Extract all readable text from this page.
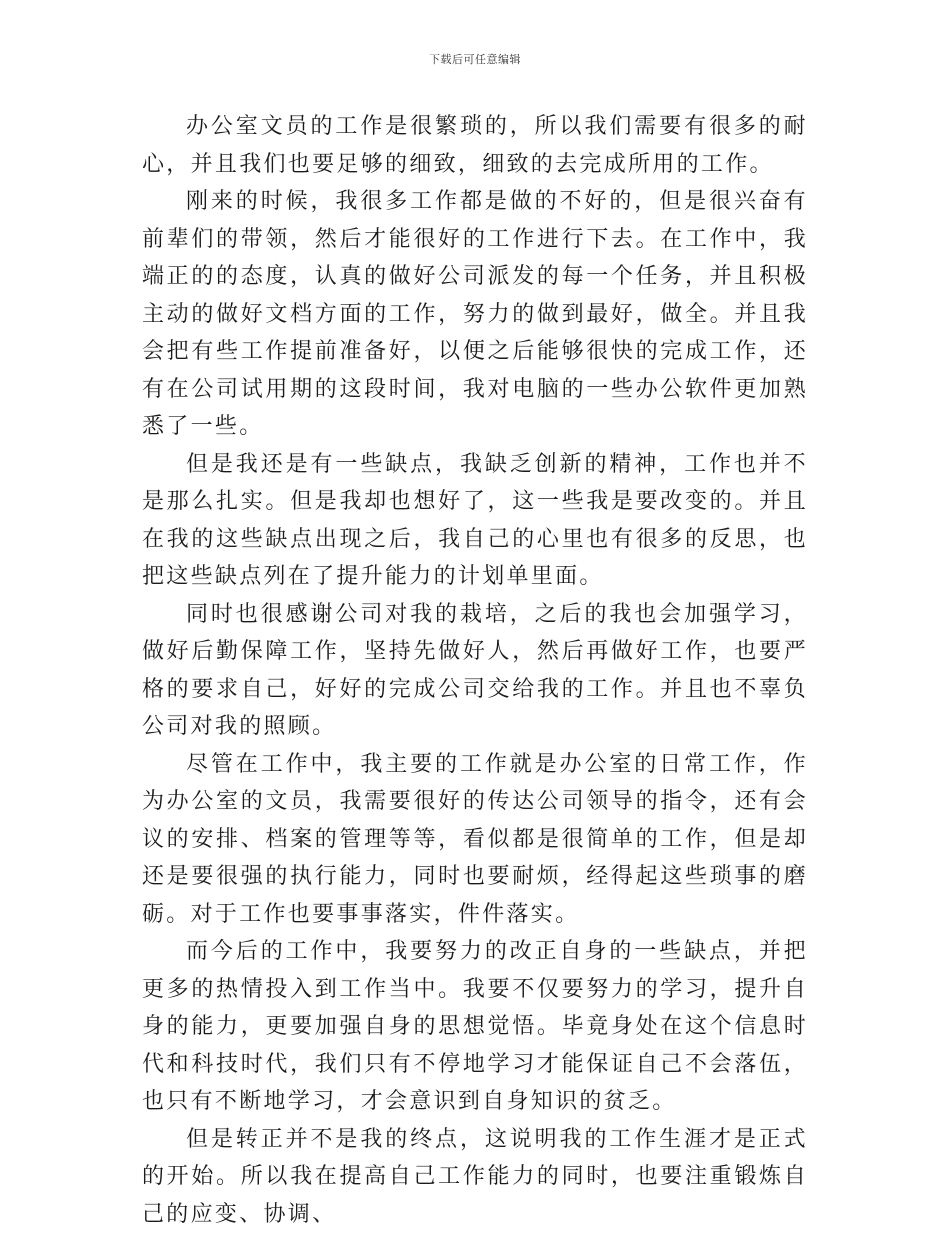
下载后可任意编辑

办公室文员的工作是很繁琐的，所以我们需要有很多的耐心，并且我们也要足够的细致，细致的去完成所用的工作。

刚来的时候，我很多工作都是做的不好的，但是很兴奋有前辈们的带领，然后才能很好的工作进行下去。在工作中，我端正的的态度，认真的做好公司派发的每一个任务，并且积极主动的做好文档方面的工作，努力的做到最好，做全。并且我会把有些工作提前准备好，以便之后能够很快的完成工作，还有在公司试用期的这段时间，我对电脑的一些办公软件更加熟悉了一些。

但是我还是有一些缺点，我缺乏创新的精神，工作也并不是那么扎实。但是我却也想好了，这一些我是要改变的。并且在我的这些缺点出现之后，我自己的心里也有很多的反思，也把这些缺点列在了提升能力的计划单里面。

同时也很感谢公司对我的栽培，之后的我也会加强学习，做好后勤保障工作，坚持先做好人，然后再做好工作，也要严格的要求自己，好好的完成公司交给我的工作。并且也不辜负公司对我的照顾。

尽管在工作中，我主要的工作就是办公室的日常工作，作为办公室的文员，我需要很好的传达公司领导的指令，还有会议的安排、档案的管理等等，看似都是很简单的工作，但是却还是要很强的执行能力，同时也要耐烦，经得起这些琐事的磨砺。对于工作也要事事落实，件件落实。

而今后的工作中，我要努力的改正自身的一些缺点，并把更多的热情投入到工作当中。我要不仅要努力的学习，提升自身的能力，更要加强自身的思想觉悟。毕竟身处在这个信息时代和科技时代，我们只有不停地学习才能保证自己不会落伍，也只有不断地学习，才会意识到自身知识的贫乏。

但是转正并不是我的终点，这说明我的工作生涯才是正式的开始。所以我在提高自己工作能力的同时，也要注重锻炼自己的应变、协调、
